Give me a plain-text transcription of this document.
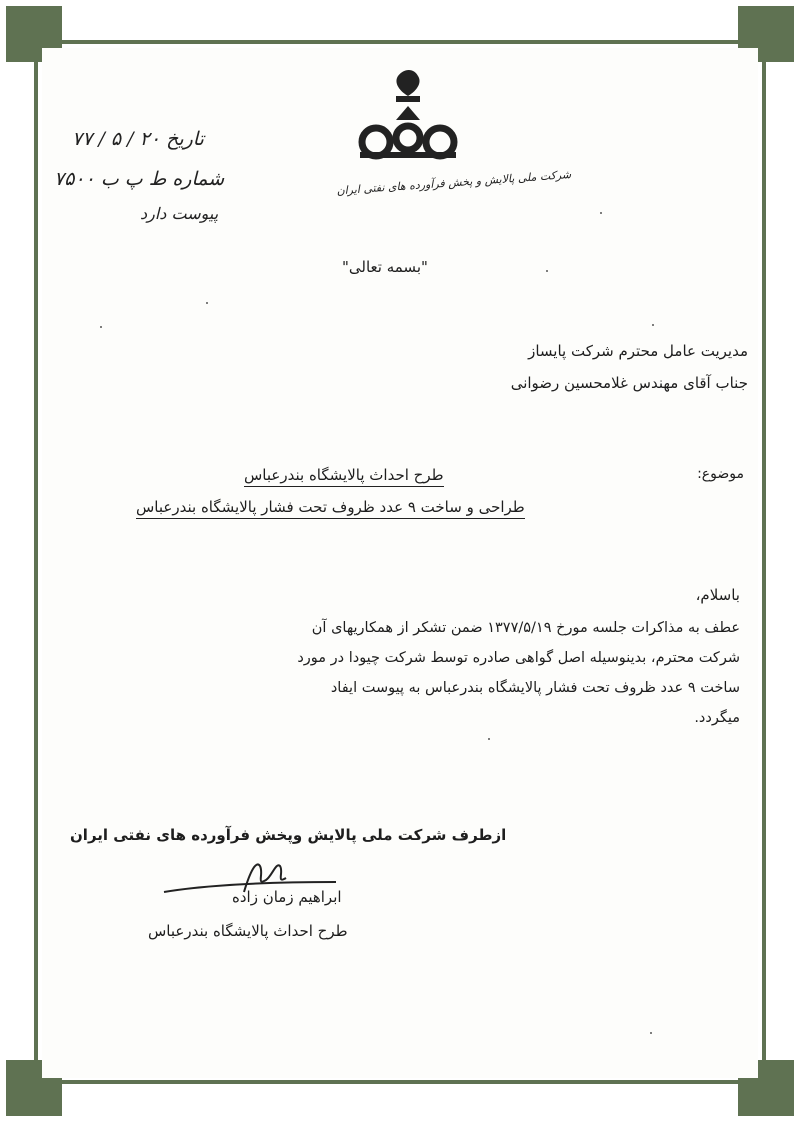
تاریخ ۲۰ / ۵ / ۷۷
شماره ط پ ب ۷۵۰۰
پیوست دارد
شرکت ملی پالایش و پخش فرآورده های نفتی ایران
"بسمه تعالی"
مدیریت عامل محترم شرکت پایساز
جناب آقای مهندس غلامحسین رضوانی
موضوع:
طرح احداث پالایشگاه بندرعباس
طراحی و ساخت ۹ عدد ظروف تحت فشار پالایشگاه بندرعباس
باسلام،
عطف به مذاکرات جلسه مورخ ۱۳۷۷/۵/۱۹ ضمن تشکر از همکاریهای آن
شرکت محترم، بدینوسیله اصل گواهی صادره توسط شرکت چیودا در مورد
ساخت ۹ عدد ظروف تحت فشار پالایشگاه بندرعباس به پیوست ایفاد
میگردد.
ازطرف شرکت ملی پالایش وپخش فرآورده های نفتی ایران
ابراهیم زمان زاده
طرح احداث پالایشگاه بندرعباس
